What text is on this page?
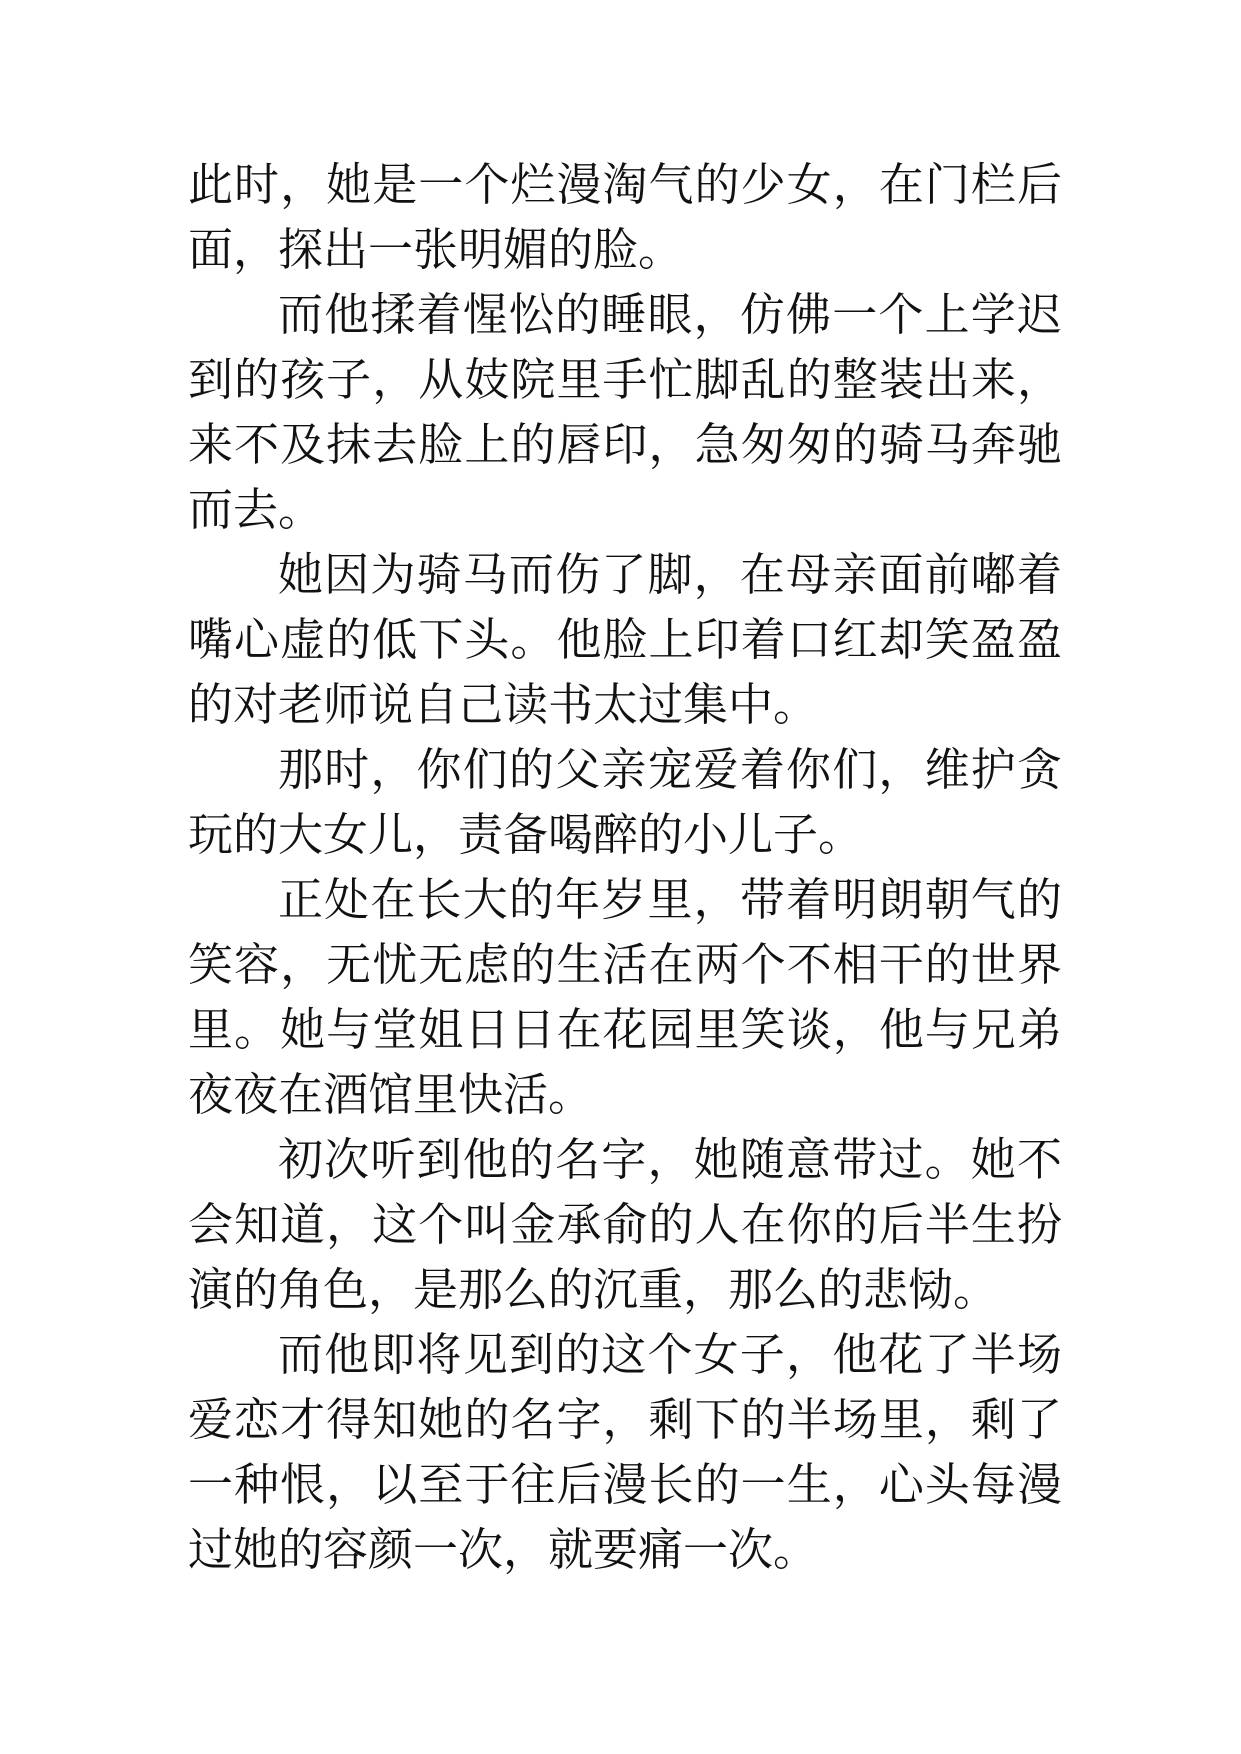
此时，她是一个烂漫淘气的少女，在门栏后面，探出一张明媚的脸。

而他揉着惺忪的睡眼，仿佛一个上学迟到的孩子，从妓院里手忙脚乱的整装出来，来不及抹去脸上的唇印，急匆匆的骑马奔驰而去。

她因为骑马而伤了脚，在母亲面前嘟着嘴心虚的低下头。他脸上印着口红却笑盈盈的对老师说自己读书太过集中。

那时，你们的父亲宠爱着你们，维护贪玩的大女儿，责备喝醉的小儿子。

正处在长大的年岁里，带着明朗朝气的笑容，无忧无虑的生活在两个不相干的世界里。她与堂姐日日在花园里笑谈，他与兄弟夜夜在酒馆里快活。

初次听到他的名字，她随意带过。她不会知道，这个叫金承俞的人在你的后半生扮演的角色，是那么的沉重，那么的悲恸。

而他即将见到的这个女子，他花了半场爱恋才得知她的名字，剩下的半场里，剩了一种恨，以至于往后漫长的一生，心头每漫过她的容颜一次，就要痛一次。
